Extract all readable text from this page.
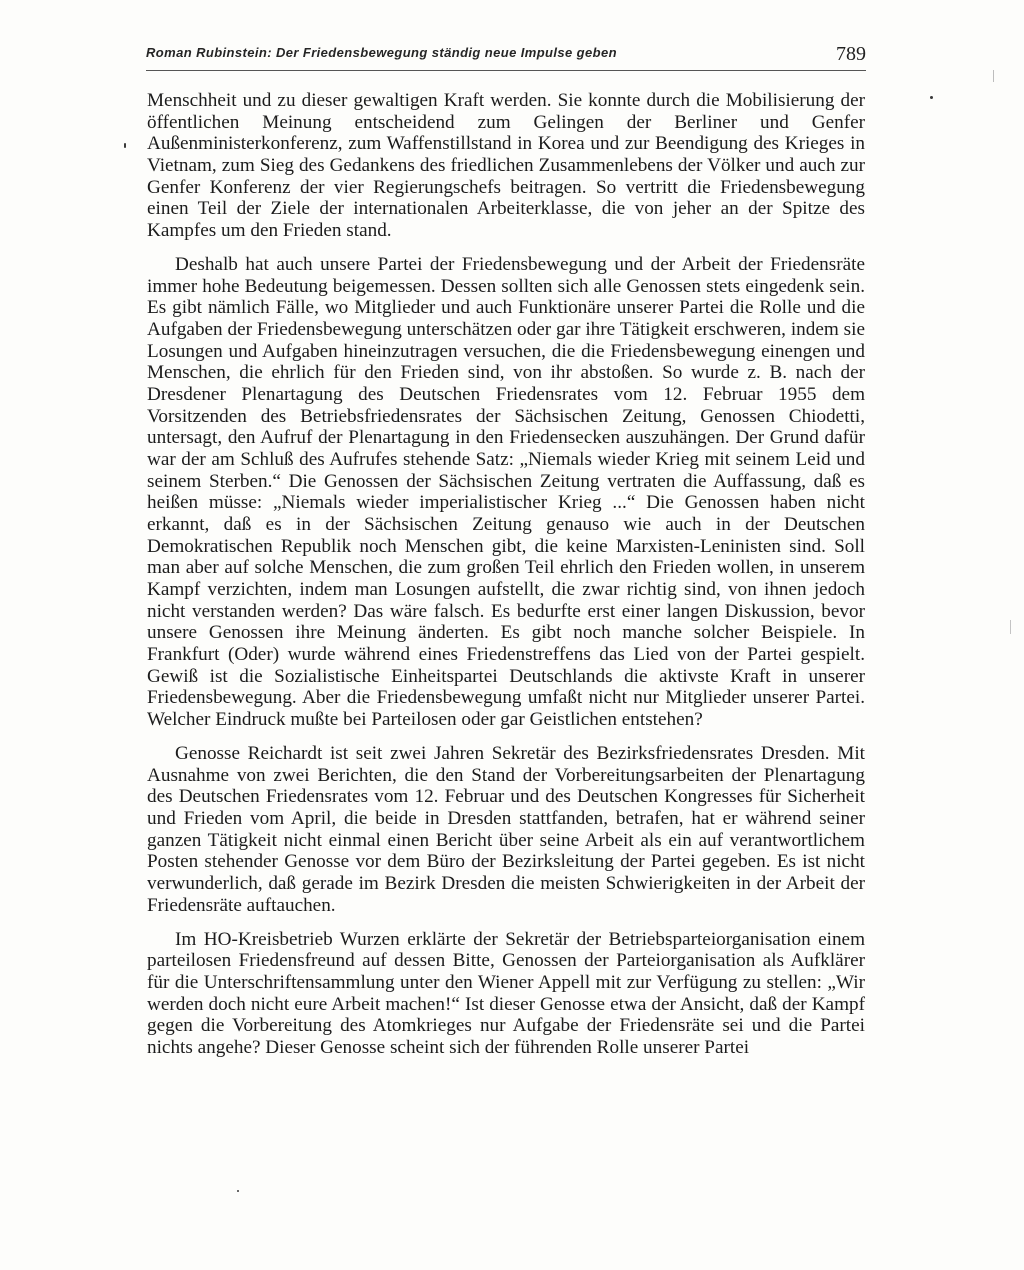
Roman Rubinstein: Der Friedensbewegung ständig neue Impulse geben	789

Menschheit und zu dieser gewaltigen Kraft werden. Sie konnte durch die Mobilisierung der öffentlichen Meinung entscheidend zum Gelingen der Berliner und Genfer Außenministerkonferenz, zum Waffenstillstand in Korea und zur Beendigung des Krieges in Vietnam, zum Sieg des Gedankens des friedlichen Zusammenlebens der Völker und auch zur Genfer Konferenz der vier Regierungschefs beitragen. So vertritt die Friedensbewegung einen Teil der Ziele der internationalen Arbeiterklasse, die von jeher an der Spitze des Kampfes um den Frieden stand.

Deshalb hat auch unsere Partei der Friedensbewegung und der Arbeit der Friedensräte immer hohe Bedeutung beigemessen. Dessen sollten sich alle Genossen stets eingedenk sein. Es gibt nämlich Fälle, wo Mitglieder und auch Funktionäre unserer Partei die Rolle und die Aufgaben der Friedensbewegung unterschätzen oder gar ihre Tätigkeit erschweren, indem sie Losungen und Aufgaben hineinzutragen versuchen, die die Friedensbewegung einengen und Menschen, die ehrlich für den Frieden sind, von ihr abstoßen. So wurde z. B. nach der Dresdener Plenartagung des Deutschen Friedensrates vom 12. Februar 1955 dem Vorsitzenden des Betriebsfriedensrates der Sächsischen Zeitung, Genossen Chiodetti, untersagt, den Aufruf der Plenartagung in den Friedensecken auszuhängen. Der Grund dafür war der am Schluß des Aufrufes stehende Satz: „Niemals wieder Krieg mit seinem Leid und seinem Sterben.“ Die Genossen der Sächsischen Zeitung vertraten die Auffassung, daß es heißen müsse: „Niemals wieder imperialistischer Krieg ...“ Die Genossen haben nicht erkannt, daß es in der Sächsischen Zeitung genauso wie auch in der Deutschen Demokratischen Republik noch Menschen gibt, die keine Marxisten-Leninisten sind. Soll man aber auf solche Menschen, die zum großen Teil ehrlich den Frieden wollen, in unserem Kampf verzichten, indem man Losungen aufstellt, die zwar richtig sind, von ihnen jedoch nicht verstanden werden? Das wäre falsch. Es bedurfte erst einer langen Diskussion, bevor unsere Genossen ihre Meinung änderten. Es gibt noch manche solcher Beispiele. In Frankfurt (Oder) wurde während eines Friedenstreffens das Lied von der Partei gespielt. Gewiß ist die Sozialistische Einheitspartei Deutschlands die aktivste Kraft in unserer Friedensbewegung. Aber die Friedensbewegung umfaßt nicht nur Mitglieder unserer Partei. Welcher Eindruck mußte bei Parteilosen oder gar Geistlichen entstehen?

Genosse Reichardt ist seit zwei Jahren Sekretär des Bezirksfriedensrates Dresden. Mit Ausnahme von zwei Berichten, die den Stand der Vorbereitungsarbeiten der Plenartagung des Deutschen Friedensrates vom 12. Februar und des Deutschen Kongresses für Sicherheit und Frieden vom April, die beide in Dresden stattfanden, betrafen, hat er während seiner ganzen Tätigkeit nicht einmal einen Bericht über seine Arbeit als ein auf verantwortlichem Posten stehender Genosse vor dem Büro der Bezirksleitung der Partei gegeben. Es ist nicht verwunderlich, daß gerade im Bezirk Dresden die meisten Schwierigkeiten in der Arbeit der Friedensräte auftauchen.

Im HO-Kreisbetrieb Wurzen erklärte der Sekretär der Betriebsparteiorganisation einem parteilosen Friedensfreund auf dessen Bitte, Genossen der Parteiorganisation als Aufklärer für die Unterschriftensammlung unter den Wiener Appell mit zur Verfügung zu stellen: „Wir werden doch nicht eure Arbeit machen!“ Ist dieser Genosse etwa der Ansicht, daß der Kampf gegen die Vorbereitung des Atomkrieges nur Aufgabe der Friedensräte sei und die Partei nichts angehe? Dieser Genosse scheint sich der führenden Rolle unserer Partei
